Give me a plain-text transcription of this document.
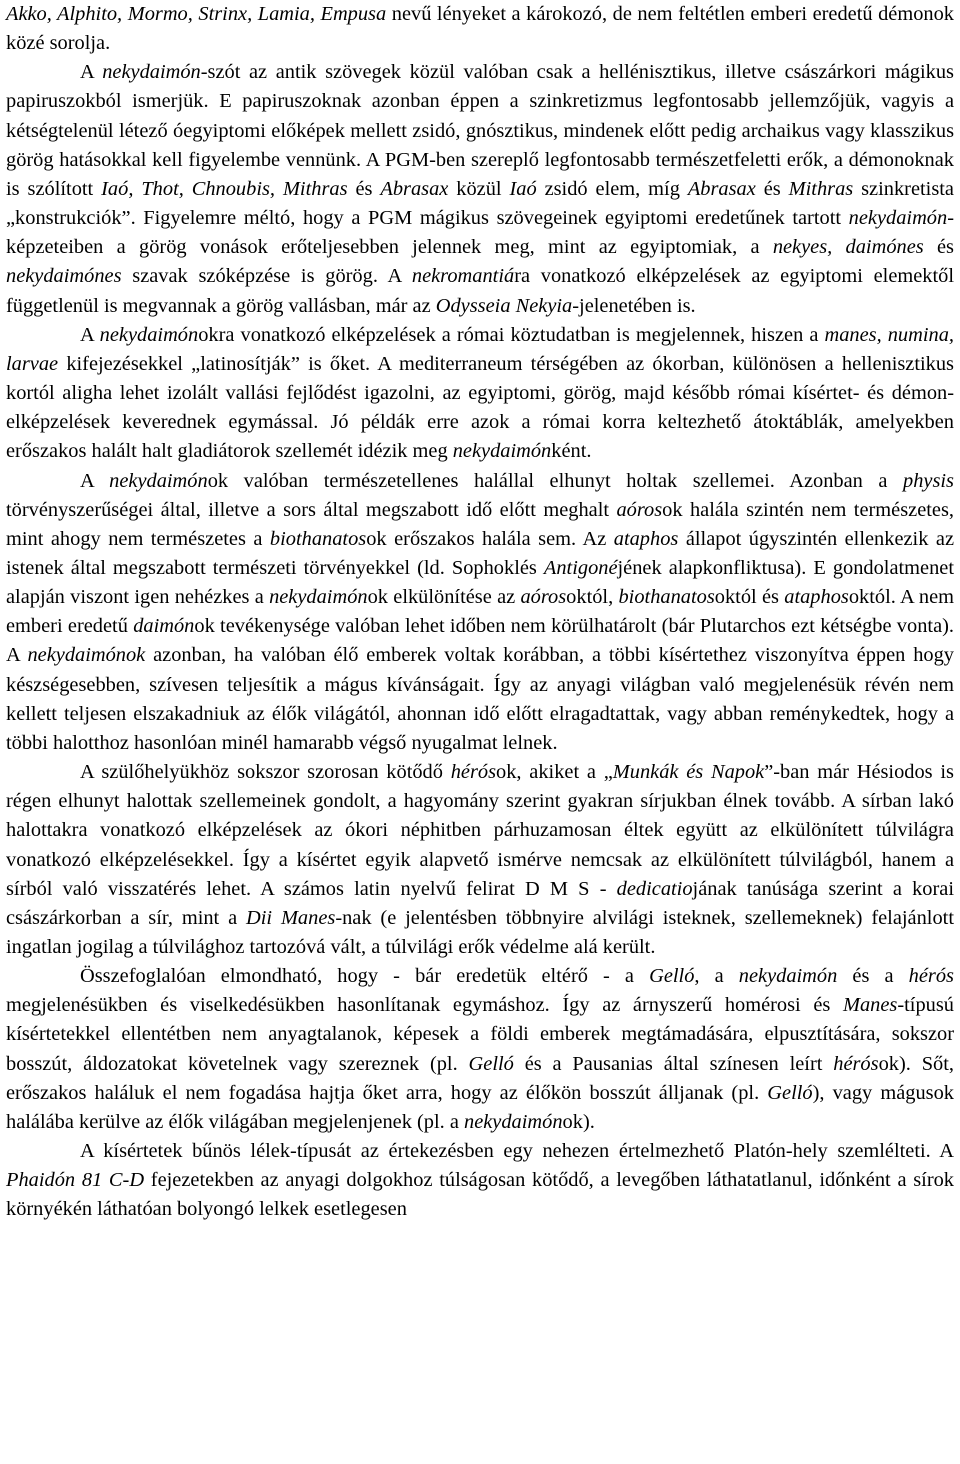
Akko, Alphito, Mormo, Strinx, Lamia, Empusa nevű lényeket a károkozó, de nem feltétlen emberi eredetű démonok közé sorolja.

A nekydaimón-szót az antik szövegek közül valóban csak a hellénisztikus, illetve császárkori mágikus papiruszokból ismerjük. E papiruszoknak azonban éppen a szinkretizmus legfontosabb jellemzőjük, vagyis a kétségtelenül létező óegyiptomi előképek mellett zsidó, gnósztikus, mindenek előtt pedig archaikus vagy klasszikus görög hatásokkal kell figyelembe vennünk. A PGM-ben szereplő legfontosabb természetfeletti erők, a démonoknak is szólított Iaó, Thot, Chnoubis, Mithras és Abrasax közül Iaó zsidó elem, míg Abrasax és Mithras szinkretista „konstrukciók”. Figyelemre méltó, hogy a PGM mágikus szövegeinek egyiptomi eredetűnek tartott nekydaimón-képzeteiben a görög vonások erőteljesebben jelennek meg, mint az egyiptomiak, a nekyes, daimónes és nekydaimónes szavak szóképzése is görög. A nekromantiára vonatkozó elképzelések az egyiptomi elemektől függetlenül is megvannak a görög vallásban, már az Odysseia Nekyia-jelenetében is.

A nekydaimónokra vonatkozó elképzelések a római köztudatban is megjelennek, hiszen a manes, numina, larvae kifejezésekkel „latinosítják” is őket. A mediterraneum térségében az ókorban, különösen a hellenisztikus kortól aligha lehet izolált vallási fejlődést igazolni, az egyiptomi, görög, majd később római kísértet- és démon-elképzelések keverednek egymással. Jó példák erre azok a római korra keltezhető átoktáblák, amelyekben erőszakos halált halt gladiátorok szellemét idézik meg nekydaimónként.

A nekydaimónok valóban természetellenes halállal elhunyt holtak szellemei. Azonban a physis törvényszerűségei által, illetve a sors által megszabott idő előtt meghalt aórosok halála szintén nem természetes, mint ahogy nem természetes a biothanatosok erőszakos halála sem. Az ataphos állapot úgyszintén ellenkezik az istenek által megszabott természeti törvényekkel (ld. Sophoklés Antigonéjének alapkonfliktusa). E gondolatmenet alapján viszont igen nehézkes a nekydaimónok elkülönítése az aórosoktól, biothanatosoktól és ataphosoktól. A nem emberi eredetű daimónok tevékenysége valóban lehet időben nem körülhatárolt (bár Plutarchos ezt kétségbe vonta). A nekydaimónok azonban, ha valóban élő emberek voltak korábban, a többi kísértethez viszonyítva éppen hogy készségesebben, szívesen teljesítik a mágus kívánságait. Így az anyagi világban való megjelenésük révén nem kellett teljesen elszakadniuk az élők világától, ahonnan idő előtt elragadtattak, vagy abban reménykedtek, hogy a többi halotthoz hasonlóan minél hamarabb végső nyugalmat lelnek.

A szülőhelyükhöz sokszor szorosan kötődő hérósok, akiket a „Munkák és Napok”-ban már Hésiodos is régen elhunyt halottak szellemeinek gondolt, a hagyomány szerint gyakran sírjukban élnek tovább. A sírban lakó halottakra vonatkozó elképzelések az ókori néphitben párhuzamosan éltek együtt az elkülönített túlvilágra vonatkozó elképzelésekkel. Így a kísértet egyik alapvető ismérve nemcsak az elkülönített túlvilágból, hanem a sírból való visszatérés lehet. A számos latin nyelvű felirat D M S - dedicatiojának tanúsága szerint a korai császárkorban a sír, mint a Dii Manes-nak (e jelentésben többnyire alvilági isteknek, szellemeknek) felajánlott ingatlan jogilag a túlvilághoz tartozóvá vált, a túlvilági erők védelme alá került.

Összefoglalóan elmondható, hogy - bár eredetük eltérő - a Gelló, a nekydaimón és a hérós megjelenésükben és viselkedésükben hasonlítanak egymáshoz. Így az árnyszerű homérosi és Manes-típusú kísértetekkel ellentétben nem anyagtalanok, képesek a földi emberek megtámadására, elpusztítására, sokszor bosszút, áldozatokat követelnek vagy szereznek (pl. Gelló és a Pausanias által színesen leírt hérósok). Sőt, erőszakos haláluk el nem fogadása hajtja őket arra, hogy az élőkön bosszút álljanak (pl. Gelló), vagy mágusok halálába kerülve az élők világában megjelenjenek (pl. a nekydaimónok).

A kísértetek bűnös lélek-típusát az értekezésben egy nehezen értelmezhető Platón-hely szemlélteti. A Phaidón 81 C-D fejezetekben az anyagi dolgokhoz túlságosan kötődő, a levegőben láthatatlanul, időnként a sírok környékén láthatóan bolyongó lelkek esetlegesen
